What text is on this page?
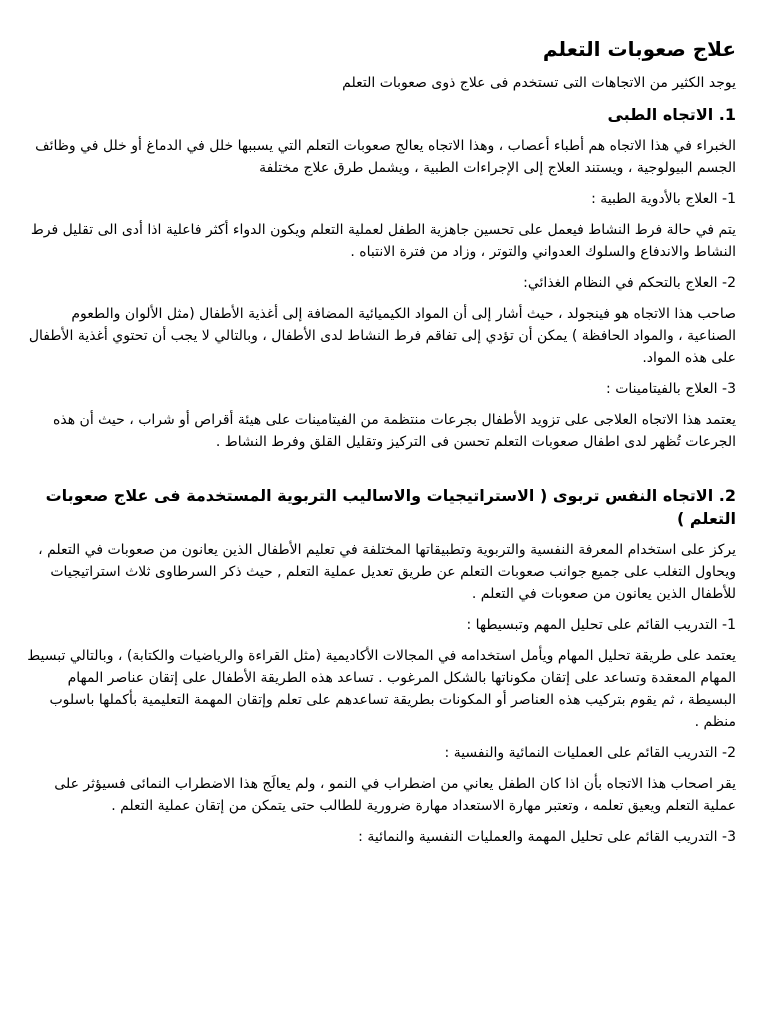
علاج صعوبات التعلم

يوجد الكثير من الاتجاهات التى تستخدم فى علاج ذوى صعوبات التعلم

1. الاتجاه الطبى

الخبراء في هذا الاتجاه هم أطباء أعصاب ، وهذا الاتجاه يعالج صعوبات التعلم التي يسببها خلل في الدماغ أو خلل في وظائف الجسم البيولوجية ، ويستند العلاج إلى الإجراءات الطبية ، ويشمل طرق علاج مختلفة

1- العلاج بالأدوية الطبية :

يتم في حالة فرط النشاط فيعمل على تحسين جاهزية الطفل لعملية التعلم ويكون الدواء أكثر فاعلية اذا أدى الى تقليل فرط النشاط والاندفاع والسلوك العدواني والتوتر ، وزاد من فترة الانتباه .

2- العلاج بالتحكم في النظام الغذائي:

صاحب هذا الاتجاه هو فينجولد ، حيث أشار إلى أن المواد الكيميائية المضافة إلى أغذية الأطفال (مثل الألوان والطعوم الصناعية ، والمواد الحافظة ) يمكن أن تؤدي إلى تفاقم فرط النشاط لدى الأطفال ، وبالتالي لا يجب أن تحتوي أغذية الأطفال على هذه المواد.

3- العلاج بالفيتامينات :

يعتمد هذا الاتجاه العلاجى على تزويد الأطفال بجرعات منتظمة من الفيتامينات على هيئة أقراص أو شراب ، حيث أن هذه الجرعات تُظهر لدى اطفال صعوبات التعلم تحسن فى التركيز وتقليل القلق وفرط النشاط .

2. الاتجاه النفس تربوى ( الاستراتيجيات والاساليب التربوية المستخدمة فى علاج صعوبات التعلم )

يركز على استخدام المعرفة النفسية والتربوية وتطبيقاتها المختلفة في تعليم الأطفال الذين يعانون من صعوبات في التعلم ، ويحاول التغلب على جميع جوانب صعوبات التعلم عن طريق تعديل عملية التعلم , حيث ذكر السرطاوى ثلاث استراتيجيات للأطفال الذين يعانون من صعوبات في التعلم .

1- التدريب القائم على تحليل المهم وتبسيطها :

يعتمد على طريقة تحليل المهام ويأمل استخدامه في المجالات الأكاديمية (مثل القراءة والرياضيات والكتابة) ، وبالتالي تبسيط المهام المعقدة وتساعد على إتقان مكوناتها بالشكل المرغوب . تساعد هذه الطريقة الأطفال على إتقان عناصر المهام البسيطة ، ثم يقوم بتركيب هذه العناصر أو المكونات بطريقة تساعدهم على تعلم وإتقان المهمة التعليمية بأكملها باسلوب منظم .

2- التدريب القائم على العمليات النمائية والنفسية :

يقر اصحاب هذا الاتجاه بأن اذا كان الطفل يعاني من اضطراب في النمو ، ولم يعالَج هذا الاضطراب النمائى فسيؤثر على عملية التعلم ويعيق تعلمه ، وتعتبر مهارة الاستعداد مهارة ضرورية للطالب حتى يتمكن من إتقان عملية التعلم .

3- التدريب القائم على تحليل المهمة والعمليات النفسية والنمائية :
